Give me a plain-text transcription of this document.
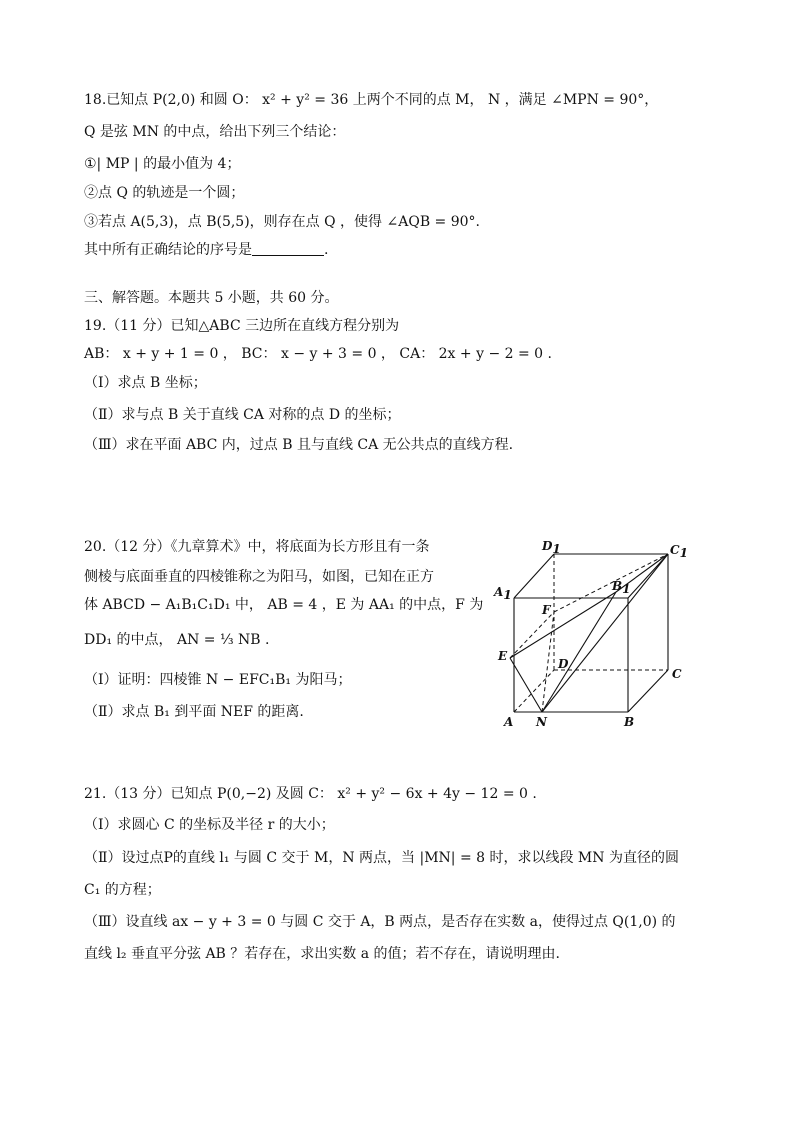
18.已知点 P(2,0) 和圆 O： x² + y² = 36 上两个不同的点 M， N ，满足 ∠MPN = 90°，
Q 是弦 MN 的中点，给出下列三个结论：
①| MP | 的最小值为 4；
②点 Q 的轨迹是一个圆；
③若点 A(5,3)，点 B(5,5)，则存在点 Q ，使得 ∠AQB = 90°.
其中所有正确结论的序号是	.
三、解答题。本题共 5 小题，共 60 分。
19.（11 分）已知△ABC 三边所在直线方程分别为
AB： x + y + 1 = 0 ， BC： x − y + 3 = 0 ， CA： 2x + y − 2 = 0 .
（Ⅰ）求点 B 坐标；
（Ⅱ）求与点 B 关于直线 CA 对称的点 D 的坐标；
（Ⅲ）求在平面 ABC 内，过点 B 且与直线 CA 无公共点的直线方程.
20.（12 分）《九章算术》中，将底面为长方形且有一条
侧棱与底面垂直的四棱锥称之为阳马，如图，已知在正方
体 ABCD − A₁B₁C₁D₁ 中， AB = 4 ，E 为 AA₁ 的中点，F 为
DD₁ 的中点， AN = ⅓ NB .
（Ⅰ）证明：四棱锥 N − EFC₁B₁ 为阳马；
（Ⅱ）求点 B₁ 到平面 NEF 的距离.
D1	C1
A1
B1
F
E
D
C
A N	B
21.（13 分）已知点 P(0,−2) 及圆 C： x² + y² − 6x + 4y − 12 = 0 .
（Ⅰ）求圆心 C 的坐标及半径 r 的大小；
（Ⅱ）设过点P的直线 l₁ 与圆 C 交于 M，N 两点，当 |MN| = 8 时，求以线段 MN 为直径的圆
C₁ 的方程；
（Ⅲ）设直线 ax − y + 3 = 0 与圆 C 交于 A，B 两点，是否存在实数 a，使得过点 Q(1,0) 的
直线 l₂ 垂直平分弦 AB ？若存在，求出实数 a 的值；若不存在，请说明理由.
